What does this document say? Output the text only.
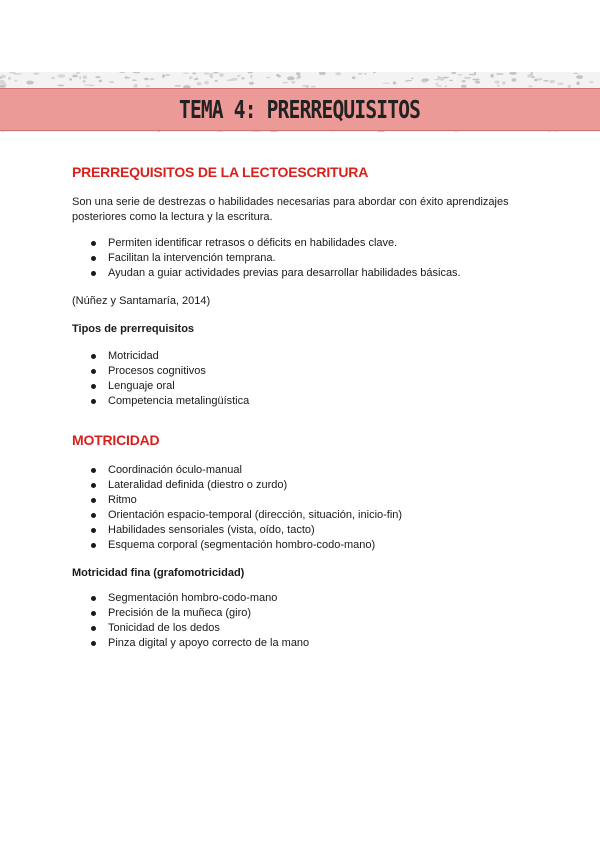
TEMA 4: PRERREQUISITOS
PRERREQUISITOS DE LA LECTOESCRITURA

Son una serie de destrezas o habilidades necesarias para abordar con éxito aprendizajes posteriores como la lectura y la escritura.

Permiten identificar retrasos o déficits en habilidades clave.
Facilitan la intervención temprana.
Ayudan a guiar actividades previas para desarrollar habilidades básicas.

(Núñez y Santamaría, 2014)

Tipos de prerrequisitos
Motricidad
Procesos cognitivos
Lenguaje oral
Competencia metalingüística
MOTRICIDAD
Coordinación óculo-manual
Lateralidad definida (diestro o zurdo)
Ritmo
Orientación espacio-temporal (dirección, situación, inicio-fin)
Habilidades sensoriales (vista, oído, tacto)
Esquema corporal (segmentación hombro-codo-mano)
Motricidad fina (grafomotricidad)
Segmentación hombro-codo-mano
Precisión de la muñeca (giro)
Tonicidad de los dedos
Pinza digital y apoyo correcto de la mano
